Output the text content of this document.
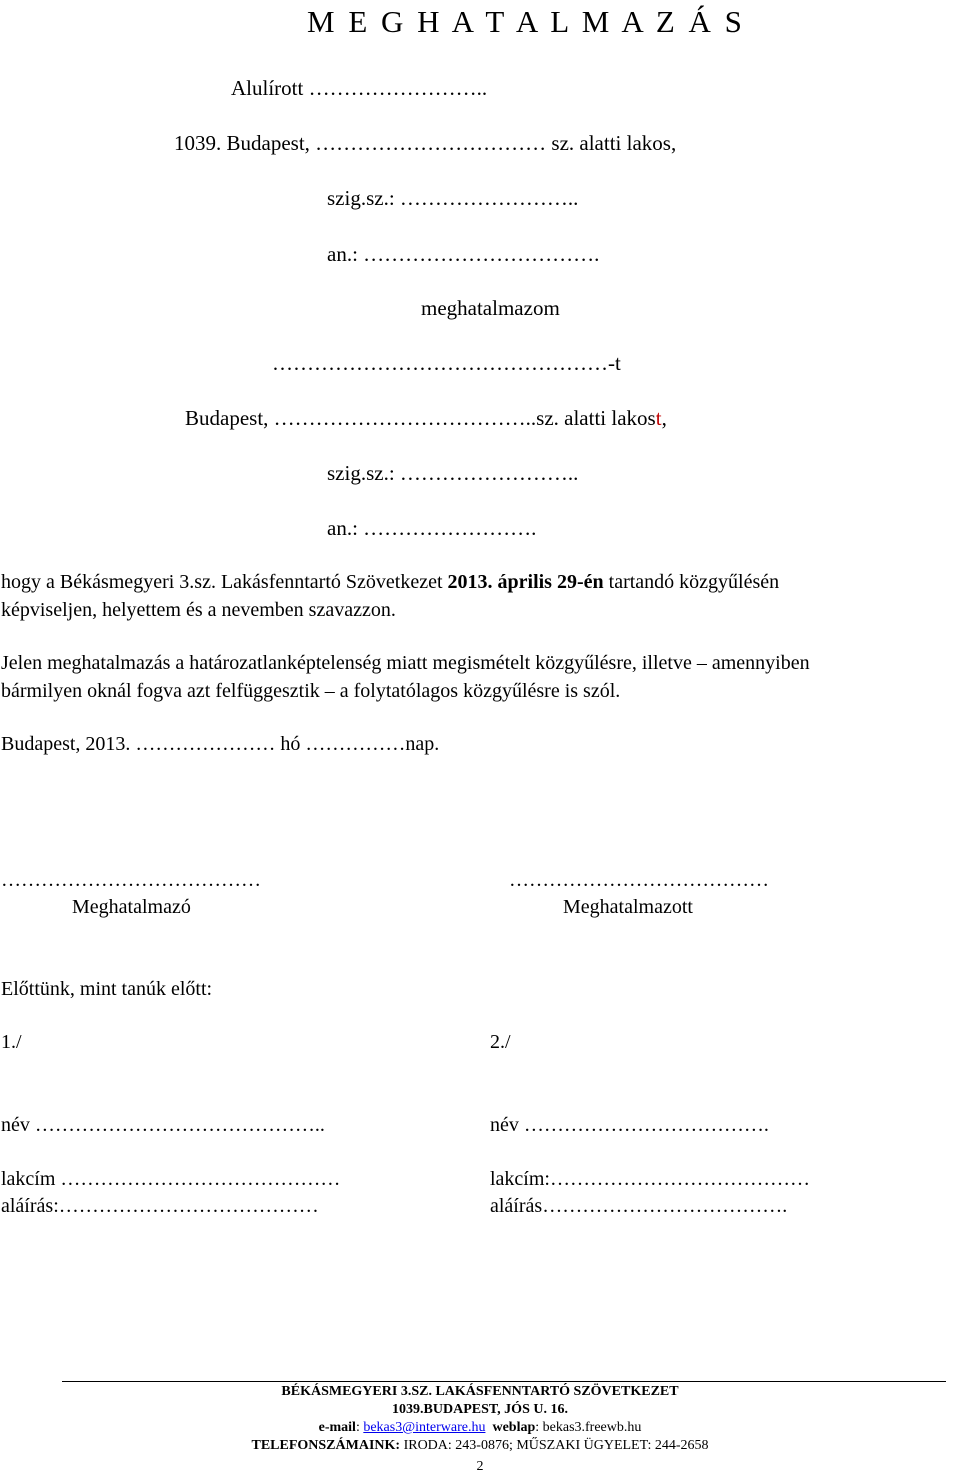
M E G H A T A L M A Z Á S
Alulírott ……………………..
1039. Budapest, …………………………… sz. alatti lakos,
szig.sz.: ……………………..
an.: …………………………….
meghatalmazom
…………………………………………-t
Budapest, ………………………………..sz. alatti lakost,
szig.sz.: ……………………..
an.: …………………….
hogy a Békásmegyeri 3.sz. Lakásfenntartó Szövetkezet 2013. április 29-én tartandó közgyűlésén
képviseljen, helyettem és a nevemben szavazzon.
Jelen meghatalmazás a határozatlanképtelenség miatt megismételt közgyűlésre, illetve – amennyiben
bármilyen oknál fogva azt felfüggesztik – a folytatólagos közgyűlésre is szól.
Budapest, 2013. ………………… hó ……………nap.
…………………………………
Meghatalmazó
…………………………………
Meghatalmazott
Előttünk, mint tanúk előtt:
1./	2./
név ……………………………………..	név ……………………………….
lakcím ……………………………………	lakcím:…………………………………
aláírás:…………………………………	aláírás……………………………….
BÉKÁSMEGYERI 3.SZ. LAKÁSFENNTARTÓ SZÖVETKEZET
1039.BUDAPEST, JÓS U. 16.
e-mail: bekas3@interware.hu weblap: bekas3.freewb.hu
TELEFONSZÁMAINK: IRODA: 243-0876; MŰSZAKI ÜGYELET: 244-2658
2
